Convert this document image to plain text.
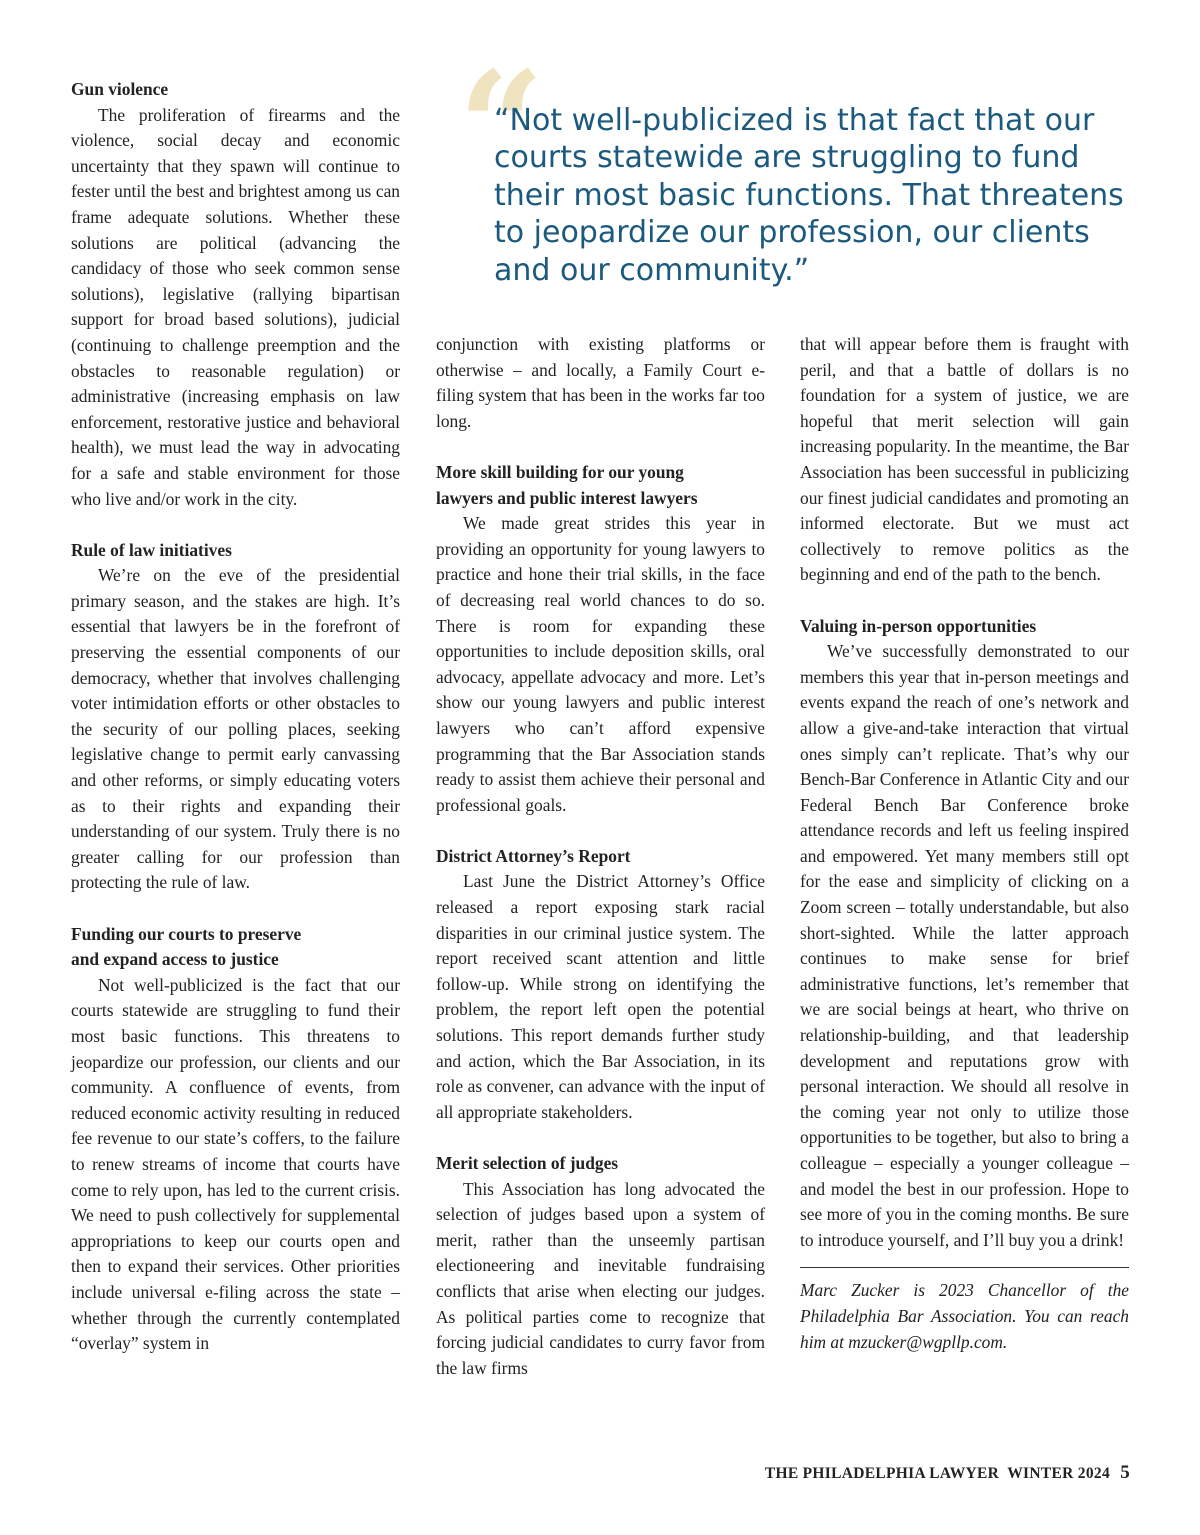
“
“Not well-publicized is that fact that our courts statewide are struggling to fund their most basic functions. That threatens to jeopardize our profession, our clients and our community.”
Gun violence

The proliferation of firearms and the violence, social decay and economic uncertainty that they spawn will continue to fester until the best and brightest among us can frame adequate solutions. Whether these solutions are political (advancing the candidacy of those who seek common sense solutions), legislative (rallying bipartisan support for broad based solutions), judicial (continuing to challenge preemption and the obstacles to reasonable regulation) or administrative (increasing emphasis on law enforcement, restorative justice and behavioral health), we must lead the way in advocating for a safe and stable environment for those who live and/or work in the city.

Rule of law initiatives

We’re on the eve of the presidential primary season, and the stakes are high. It’s essential that lawyers be in the forefront of preserving the essential components of our democracy, whether that involves challenging voter intimidation efforts or other obstacles to the security of our polling places, seeking legislative change to permit early canvassing and other reforms, or simply educating voters as to their rights and expanding their understanding of our system. Truly there is no greater calling for our profession than protecting the rule of law.

Funding our courts to preserve
and expand access to justice

Not well-publicized is the fact that our courts statewide are struggling to fund their most basic functions. This threatens to jeopardize our profession, our clients and our community. A confluence of events, from reduced economic activity resulting in reduced fee revenue to our state’s coffers, to the failure to renew streams of income that courts have come to rely upon, has led to the current crisis. We need to push collectively for supplemental appropriations to keep our courts open and then to expand their services. Other priorities include universal e-filing across the state – whether through the currently contemplated “overlay” system in

conjunction with existing platforms or otherwise – and locally, a Family Court e-filing system that has been in the works far too long.

More skill building for our young
lawyers and public interest lawyers

We made great strides this year in providing an opportunity for young lawyers to practice and hone their trial skills, in the face of decreasing real world chances to do so. There is room for expanding these opportunities to include deposition skills, oral advocacy, appellate advocacy and more. Let’s show our young lawyers and public interest lawyers who can’t afford expensive programming that the Bar Association stands ready to assist them achieve their personal and professional goals.

District Attorney’s Report

Last June the District Attorney’s Office released a report exposing stark racial disparities in our criminal justice system. The report received scant attention and little follow-up. While strong on identifying the problem, the report left open the potential solutions. This report demands further study and action, which the Bar Association, in its role as convener, can advance with the input of all appropriate stakeholders.

Merit selection of judges

This Association has long advocated the selection of judges based upon a system of merit, rather than the unseemly partisan electioneering and inevitable fundraising conflicts that arise when electing our judges. As political parties come to recognize that forcing judicial candidates to curry favor from the law firms

that will appear before them is fraught with peril, and that a battle of dollars is no foundation for a system of justice, we are hopeful that merit selection will gain increasing popularity. In the meantime, the Bar Association has been successful in publicizing our finest judicial candidates and promoting an informed electorate. But we must act collectively to remove politics as the beginning and end of the path to the bench.

Valuing in-person opportunities

We’ve successfully demonstrated to our members this year that in-person meetings and events expand the reach of one’s network and allow a give-and-take interaction that virtual ones simply can’t replicate. That’s why our Bench-Bar Conference in Atlantic City and our Federal Bench Bar Conference broke attendance records and left us feeling inspired and empowered. Yet many members still opt for the ease and simplicity of clicking on a Zoom screen – totally understandable, but also short-sighted. While the latter approach continues to make sense for brief administrative functions, let’s remember that we are social beings at heart, who thrive on relationship-building, and that leadership development and reputations grow with personal interaction. We should all resolve in the coming year not only to utilize those opportunities to be together, but also to bring a colleague – especially a younger colleague – and model the best in our profession. Hope to see more of you in the coming months. Be sure to introduce yourself, and I’ll buy you a drink!

Marc Zucker is 2023 Chancellor of the Philadelphia Bar Association. You can reach him at mzucker@wgpllp.com.

THE PHILADELPHIA LAWYER WINTER 2024 5
